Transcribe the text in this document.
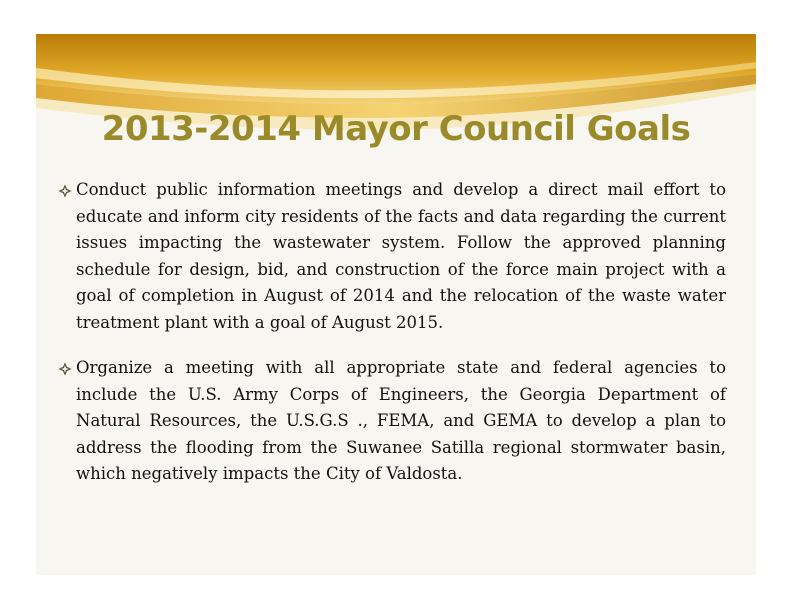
2013-2014 Mayor Council Goals
Conduct public information meetings and develop a direct mail effort to educate and inform city residents of the facts and data regarding the current issues impacting the wastewater system. Follow the approved planning schedule for design, bid, and construction of the force main project with a goal of completion in August of 2014 and the relocation of the waste water treatment plant with a goal of August 2015.
Organize a meeting with all appropriate state and federal agencies to include the U.S. Army Corps of Engineers, the Georgia Department of Natural Resources, the U.S.G.S ., FEMA, and GEMA to develop a plan to address the flooding from the Suwanee Satilla regional stormwater basin, which negatively impacts the City of Valdosta.
